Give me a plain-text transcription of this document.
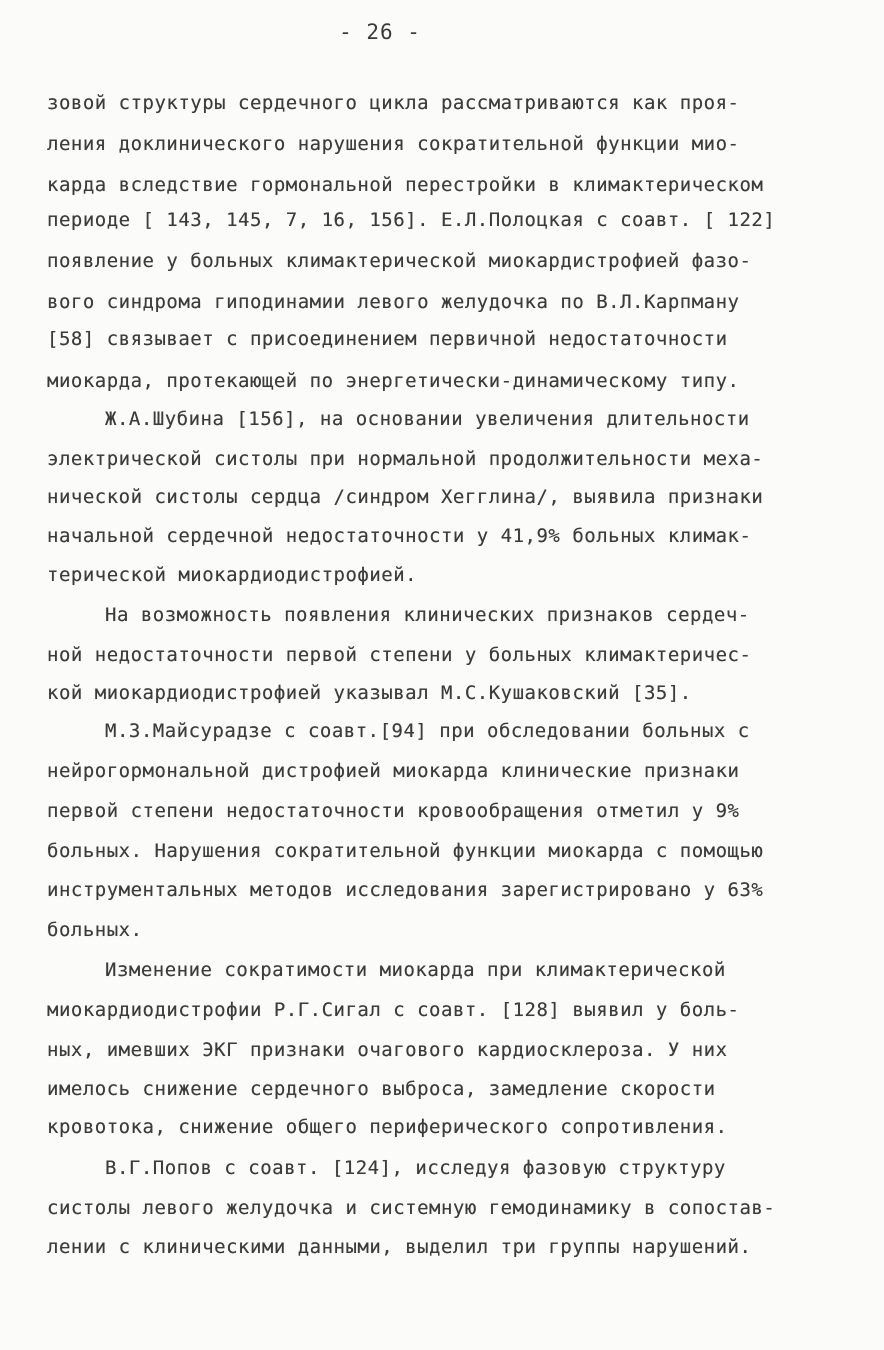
- 26 -
зовой структуры сердечного цикла рассматриваются как проя-
ления доклинического нарушения сократительной функции мио-
карда вследствие гормональной перестройки в климактерическом
периоде [ 143, 145, 7, 16, 156]. Е.Л.Полоцкая с соавт. [ 122]
появление у больных климактерической миокардистрофией фазо-
вого синдрома гиподинамии левого желудочка по В.Л.Карпману
[58] связывает с присоединением первичной недостаточности
миокарда, протекающей по энергетически-динамическому типу.
Ж.А.Шубина [156], на основании увеличения длительности
электрической систолы при нормальной продолжительности меха-
нической систолы сердца /синдром Хегглина/, выявила признаки
начальной сердечной недостаточности у 41,9% больных климак-
терической миокардиодистрофией.
На возможность появления клинических признаков сердеч-
ной недостаточности первой степени у больных климактеричес-
кой миокардиодистрофией указывал М.С.Кушаковский [35].
М.З.Майсурадзе с соавт.[94] при обследовании больных с
нейрогормональной дистрофией миокарда клинические признаки
первой степени недостаточности кровообращения отметил у 9%
больных. Нарушения сократительной функции миокарда с помощью
инструментальных методов исследования зарегистрировано у 63%
больных.
Изменение сократимости миокарда при климактерической
миокардиодистрофии Р.Г.Сигал с соавт. [128] выявил у боль-
ных, имевших ЭКГ признаки очагового кардиосклероза. У них
имелось снижение сердечного выброса, замедление скорости
кровотока, снижение общего периферического сопротивления.
В.Г.Попов с соавт. [124], исследуя фазовую структуру
систолы левого желудочка и системную гемодинамику в сопостав-
лении с клиническими данными, выделил три группы нарушений.
